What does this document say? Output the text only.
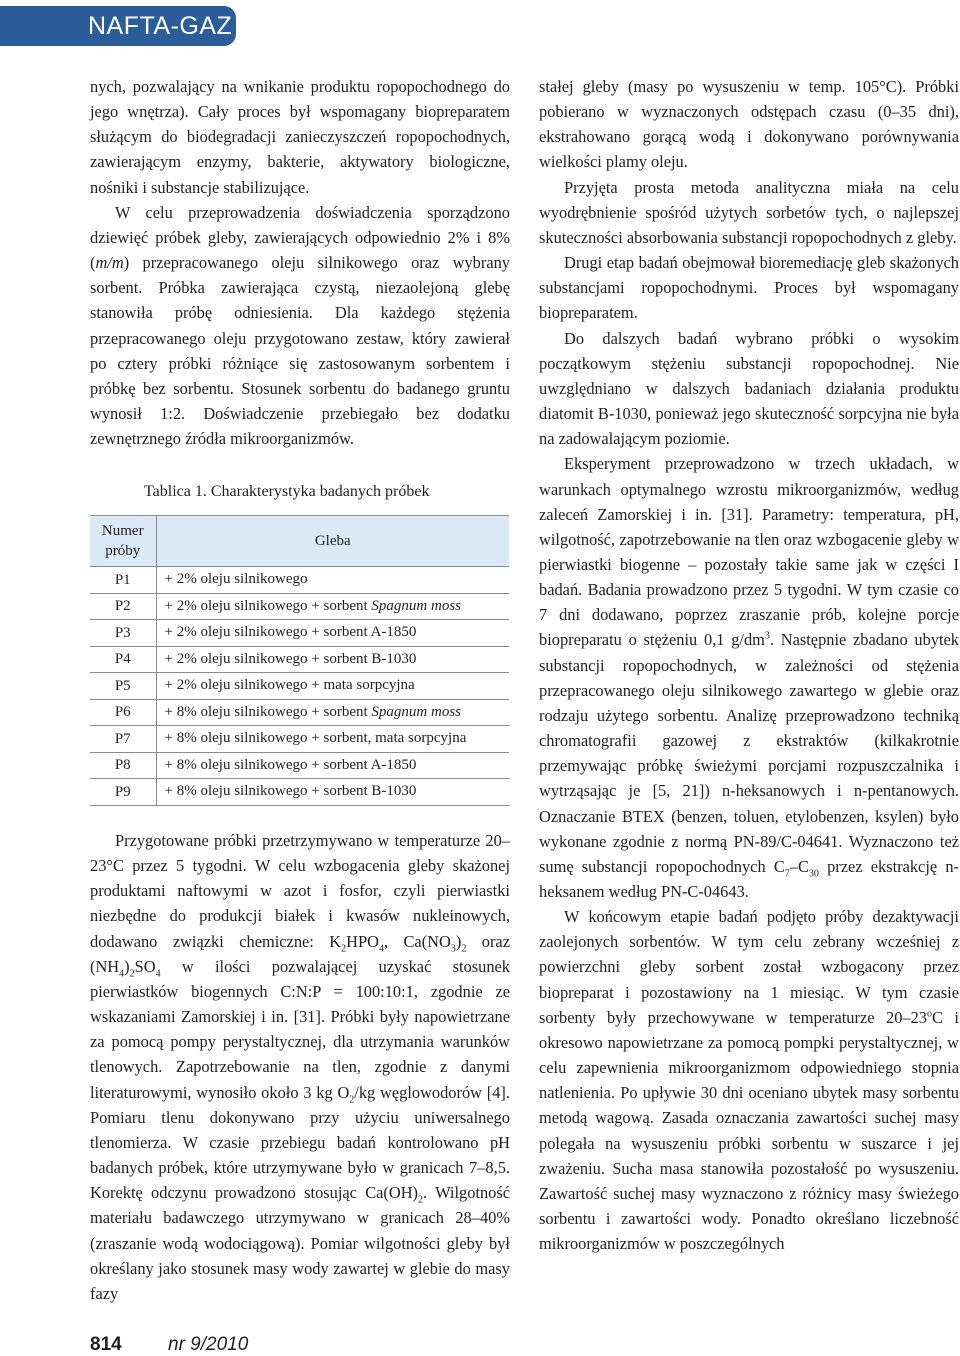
NAFTA-GAZ

nych, pozwalający na wnikanie produktu ropopochodnego do jego wnętrza). Cały proces był wspomagany biopreparatem służącym do biodegradacji zanieczyszczeń ropopochodnych, zawierającym enzymy, bakterie, aktywatory biologiczne, nośniki i substancje stabilizujące.

W celu przeprowadzenia doświadczenia sporządzono dziewięć próbek gleby, zawierających odpowiednio 2% i 8% (m/m) przepracowanego oleju silnikowego oraz wybrany sorbent. Próbka zawierająca czystą, niezaolejoną glebę stanowiła próbę odniesienia. Dla każdego stężenia przepracowanego oleju przygotowano zestaw, który zawierał po cztery próbki różniące się zastosowanym sorbentem i próbkę bez sorbentu. Stosunek sorbentu do badanego gruntu wynosił 1:2. Doświadczenie przebiegało bez dodatku zewnętrznego źródła mikroorganizmów.

Tablica 1. Charakterystyka badanych próbek
Numer próby	Gleba
P1	+ 2% oleju silnikowego
P2	+ 2% oleju silnikowego + sorbent Spagnum moss
P3	+ 2% oleju silnikowego + sorbent A-1850
P4	+ 2% oleju silnikowego + sorbent B-1030
P5	+ 2% oleju silnikowego + mata sorpcyjna
P6	+ 8% oleju silnikowego + sorbent Spagnum moss
P7	+ 8% oleju silnikowego + sorbent, mata sorpcyjna
P8	+ 8% oleju silnikowego + sorbent A-1850
P9	+ 8% oleju silnikowego + sorbent B-1030

Przygotowane próbki przetrzymywano w temperaturze 20–23°C przez 5 tygodni. W celu wzbogacenia gleby skażonej produktami naftowymi w azot i fosfor, czyli pierwiastki niezbędne do produkcji białek i kwasów nukleinowych, dodawano związki chemiczne: $K_2HPO_4$, $Ca(NO_3)_2$ oraz $(NH_4)_2SO_4$ w ilości pozwalającej uzyskać stosunek pierwiastków biogennych C:N:P = 100:10:1, zgodnie ze wskazaniami Zamorskiej i in. [31]. Próbki były napowietrzane za pomocą pompy perystaltycznej, dla utrzymania warunków tlenowych. Zapotrzebowanie na tlen, zgodnie z danymi literaturowymi, wynosiło około 3 kg $O_2/kg$ węglowodorów [4]. Pomiaru tlenu dokonywano przy użyciu uniwersalnego tlenomierza. W czasie przebiegu badań kontrolowano pH badanych próbek, które utrzymywane było w granicach 7–8,5. Korektę odczynu prowadzono stosując $Ca(OH)_2$. Wilgotność materiału badawczego utrzymywano w granicach 28–40% (zraszanie wodą wodociągową). Pomiar wilgotności gleby był określany jako stosunek masy wody zawartej w glebie do masy fazy

stałej gleby (masy po wysuszeniu w temp. 105°C). Próbki pobierano w wyznaczonych odstępach czasu (0–35 dni), ekstrahowano gorącą wodą i dokonywano porównywania wielkości plamy oleju.

Przyjęta prosta metoda analityczna miała na celu wyodrębnienie spośród użytych sorbetów tych, o najlepszej skuteczności absorbowania substancji ropopochodnych z gleby.

Drugi etap badań obejmował bioremediację gleb skażonych substancjami ropopochodnymi. Proces był wspomagany biopreparatem.

Do dalszych badań wybrano próbki o wysokim początkowym stężeniu substancji ropopochodnej. Nie uwzględniano w dalszych badaniach działania produktu diatomit B-1030, ponieważ jego skuteczność sorpcyjna nie była na zadowalającym poziomie.

Eksperyment przeprowadzono w trzech układach, w warunkach optymalnego wzrostu mikroorganizmów, według zaleceń Zamorskiej i in. [31]. Parametry: temperatura, pH, wilgotność, zapotrzebowanie na tlen oraz wzbogacenie gleby w pierwiastki biogenne – pozostały takie same jak w części I badań. Badania prowadzono przez 5 tygodni. W tym czasie co 7 dni dodawano, poprzez zraszanie prób, kolejne porcje biopreparatu o stężeniu 0,1 $g/dm^3$. Następnie zbadano ubytek substancji ropopochodnych, w zależności od stężenia przepracowanego oleju silnikowego zawartego w glebie oraz rodzaju użytego sorbentu. Analizę przeprowadzono techniką chromatografii gazowej z ekstraktów (kilkakrotnie przemywając próbkę świeżymi porcjami rozpuszczalnika i wytrząsając je [5, 21]) n-heksanowych i n-pentanowych. Oznaczanie BTEX (benzen, toluen, etylobenzen, ksylen) było wykonane zgodnie z normą PN-89/C-04641. Wyznaczono też sumę substancji ropopochodnych $C_7-C_{30}$ przez ekstrakcję n-heksanem według PN-C-04643.

W końcowym etapie badań podjęto próby dezaktywacji zaolejonych sorbentów. W tym celu zebrany wcześniej z powierzchni gleby sorbent został wzbogacony przez biopreparat i pozostawiony na 1 miesiąc. W tym czasie sorbenty były przechowywane w temperaturze 20–23$^o$C i okresowo napowietrzane za pomocą pompki perystaltycznej, w celu zapewnienia mikroorganizmom odpowiedniego stopnia natlenienia. Po upływie 30 dni oceniano ubytek masy sorbentu metodą wagową. Zasada oznaczania zawartości suchej masy polegała na wysuszeniu próbki sorbentu w suszarce i jej zważeniu. Sucha masa stanowiła pozostałość po wysuszeniu. Zawartość suchej masy wyznaczono z różnicy masy świeżego sorbentu i zawartości wody. Ponadto określano liczebność mikroorganizmów w poszczególnych

814 nr 9/2010
